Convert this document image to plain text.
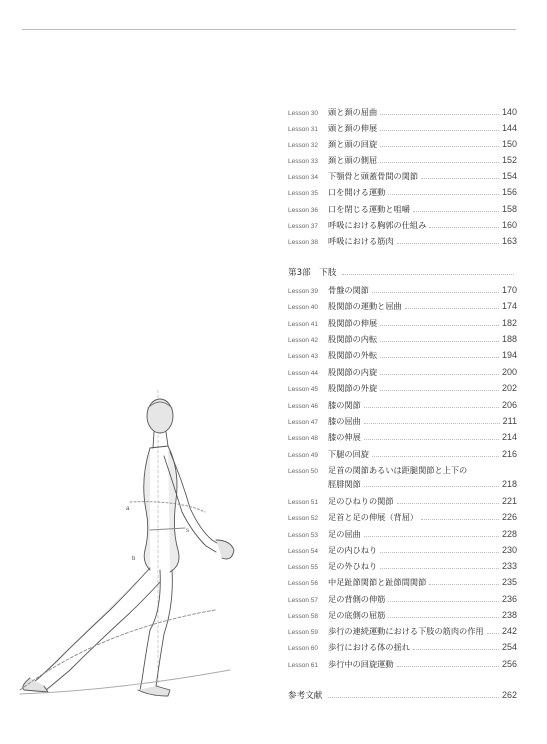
a
b
s
Lesson 30	頭と頚の屈曲	140
Lesson 31	頭と頚の伸展	144
Lesson 32	頚と頭の回旋	150
Lesson 33	頚と頭の側屈	152
Lesson 34	下顎骨と頭蓋骨間の関節	154
Lesson 35	口を開ける運動	156
Lesson 36	口を閉じる運動と咀嚼	158
Lesson 37	呼吸における胸郭の仕組み	160
Lesson 38	呼吸における筋肉	163
第3部　下肢
Lesson 39	骨盤の関節	170
Lesson 40	股関節の運動と屈曲	174
Lesson 41	股関節の伸展	182
Lesson 42	股関節の内転	188
Lesson 43	股関節の外転	194
Lesson 44	股関節の内旋	200
Lesson 45	股関節の外旋	202
Lesson 46	膝の関節	206
Lesson 47	膝の屈曲	211
Lesson 48	膝の伸展	214
Lesson 49	下腿の回旋	216
Lesson 50	足首の関節あるいは距腿関節と上下の
脛腓関節	218
Lesson 51	足のひねりの関節	221
Lesson 52	足首と足の伸展（背屈）	226
Lesson 53	足の屈曲	228
Lesson 54	足の内ひねり	230
Lesson 55	足の外ひねり	233
Lesson 56	中足趾節関節と趾節間関節	235
Lesson 57	足の背側の伸筋	236
Lesson 58	足の底側の屈筋	238
Lesson 59	歩行の連続運動における下肢の筋肉の作用 242
Lesson 60	歩行における体の揺れ	254
Lesson 61	歩行中の回旋運動	256
参考文献	262
